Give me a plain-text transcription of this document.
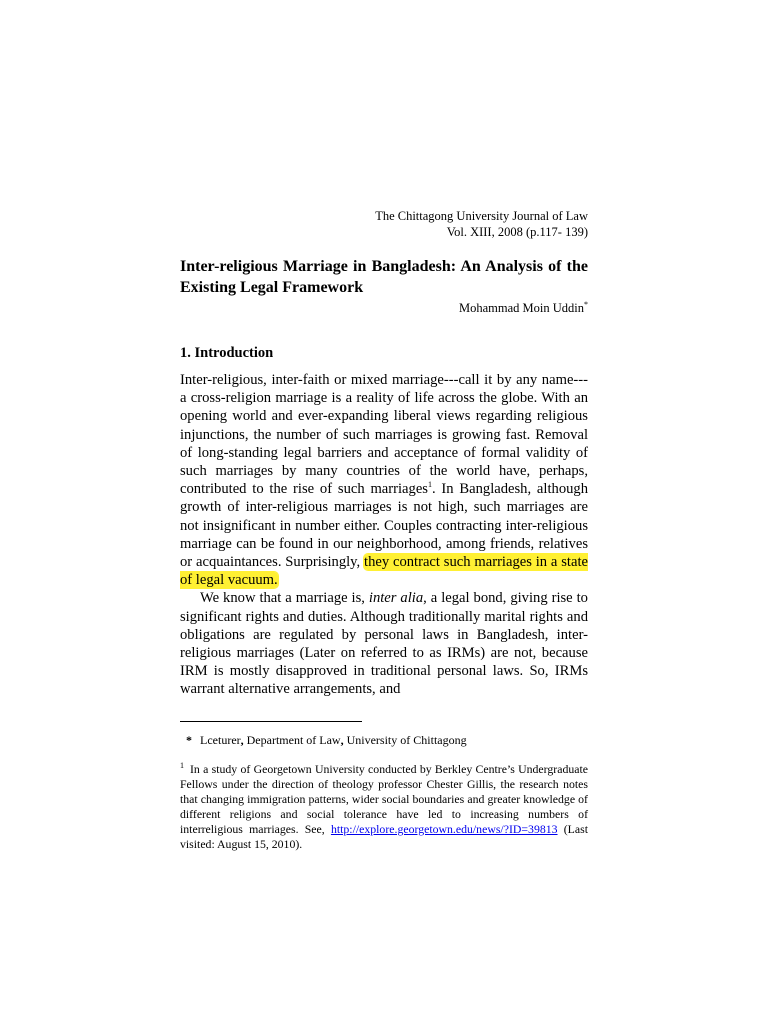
The Chittagong University Journal of Law
Vol. XIII, 2008 (p.117- 139)
Inter-religious Marriage in Bangladesh: An Analysis of the Existing Legal Framework
Mohammad Moin Uddin*
1. Introduction

Inter-religious, inter-faith or mixed marriage---call it by any name--- a cross-religion marriage is a reality of life across the globe. With an opening world and ever-expanding liberal views regarding religious injunctions, the number of such marriages is growing fast. Removal of long-standing legal barriers and acceptance of formal validity of such marriages by many countries of the world have, perhaps, contributed to the rise of such marriages$^1$. In Bangladesh, although growth of inter-religious marriages is not high, such marriages are not insignificant in number either. Couples contracting inter-religious marriage can be found in our neighborhood, among friends, relatives or acquaintances. Surprisingly, they contract such marriages in a state of legal vacuum.

We know that a marriage is, inter alia, a legal bond, giving rise to significant rights and duties. Although traditionally marital rights and obligations are regulated by personal laws in Bangladesh, inter-religious marriages (Later on referred to as IRMs) are not, because IRM is mostly disapproved in traditional personal laws. So, IRMs warrant alternative arrangements, and

* Lceturer, Department of Law, University of Chittagong
$^1$ In a study of Georgetown University conducted by Berkley Centre’s Undergraduate Fellows under the direction of theology professor Chester Gillis, the research notes that changing immigration patterns, wider social boundaries and greater knowledge of different religions and social tolerance have led to increasing numbers of interreligious marriages. See, http://explore.georgetown.edu/news/?ID=39813 (Last visited: August 15, 2010).
